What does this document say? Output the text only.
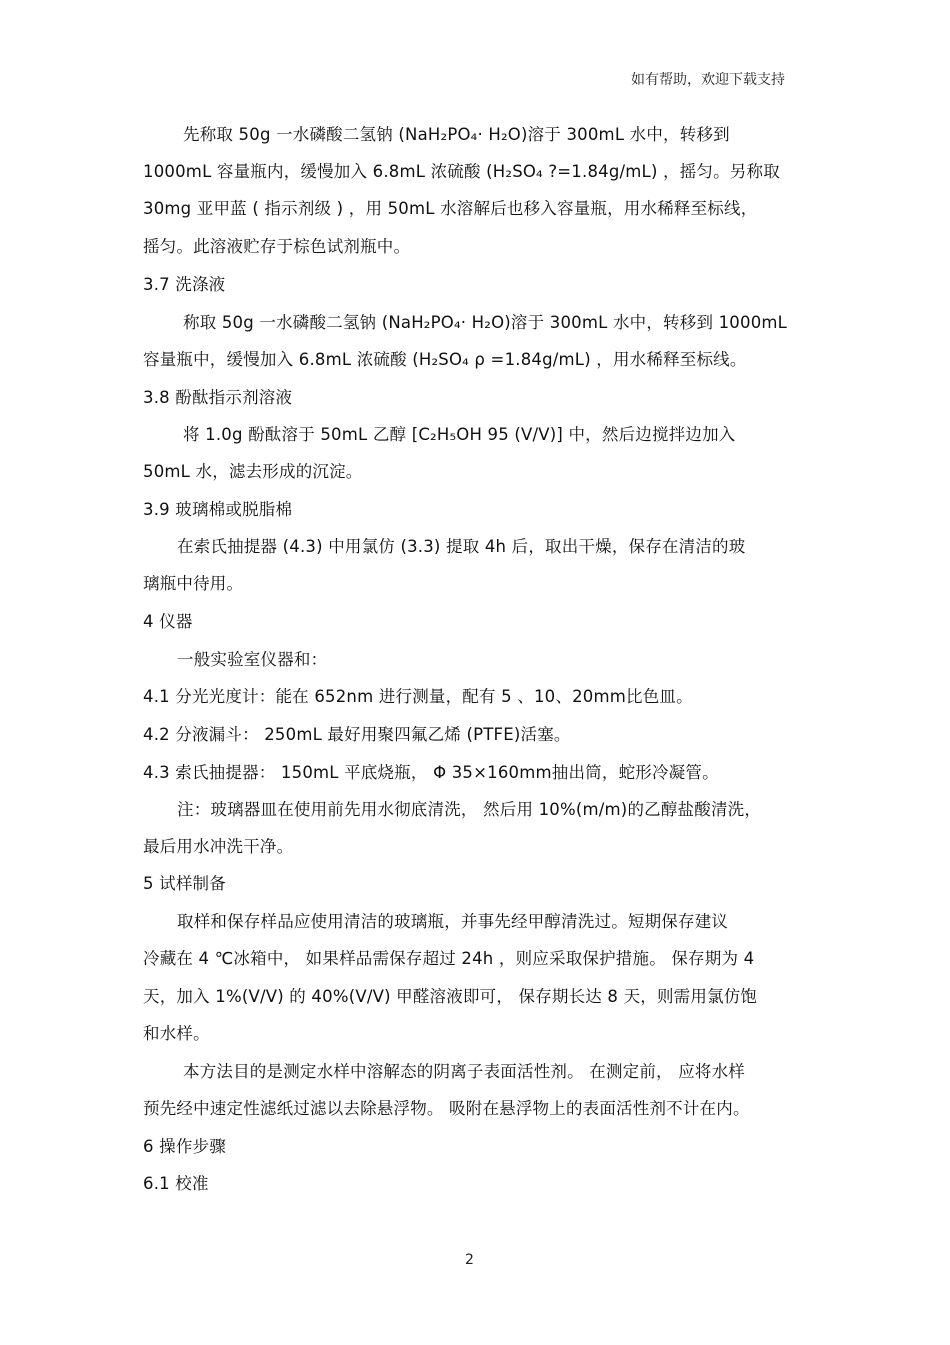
如有帮助，欢迎下载支持
先称取 50g 一水磷酸二氢钠 (NaH₂PO₄· H₂O)溶于 300mL 水中，转移到
1000mL 容量瓶内，缓慢加入 6.8mL 浓硫酸 (H₂SO₄ ?=1.84g/mL) ，摇匀。另称取
30mg 亚甲蓝 ( 指示剂级 ) ，用 50mL 水溶解后也移入容量瓶，用水稀释至标线，
摇匀。此溶液贮存于棕色试剂瓶中。
3.7 洗涤液
称取 50g 一水磷酸二氢钠 (NaH₂PO₄· H₂O)溶于 300mL 水中，转移到 1000mL
容量瓶中，缓慢加入 6.8mL 浓硫酸 (H₂SO₄ ρ =1.84g/mL) ，用水稀释至标线。
3.8 酚酞指示剂溶液
将 1.0g 酚酞溶于 50mL 乙醇 [C₂H₅OH 95 (V/V)] 中，然后边搅拌边加入
50mL 水，滤去形成的沉淀。
3.9 玻璃棉或脱脂棉
在索氏抽提器 (4.3) 中用氯仿 (3.3) 提取 4h 后，取出干燥，保存在清洁的玻
璃瓶中待用。
4 仪器
一般实验室仪器和：
4.1 分光光度计：能在 652nm 进行测量，配有 5 、10、20mm比色皿。
4.2 分液漏斗： 250mL 最好用聚四氟乙烯 (PTFE)活塞。
4.3 索氏抽提器： 150mL 平底烧瓶， Φ 35×160mm抽出筒，蛇形冷凝管。
注：玻璃器皿在使用前先用水彻底清洗， 然后用 10%(m/m)的乙醇盐酸清洗，
最后用水冲洗干净。
5 试样制备
取样和保存样品应使用清洁的玻璃瓶，并事先经甲醇清洗过。短期保存建议
冷藏在 4 ℃冰箱中， 如果样品需保存超过 24h ，则应采取保护措施。 保存期为 4
天，加入 1%(V/V) 的 40%(V/V) 甲醛溶液即可， 保存期长达 8 天，则需用氯仿饱
和水样。
本方法目的是测定水样中溶解态的阴离子表面活性剂。 在测定前， 应将水样
预先经中速定性滤纸过滤以去除悬浮物。 吸附在悬浮物上的表面活性剂不计在内。
6 操作步骤
6.1 校准
2
